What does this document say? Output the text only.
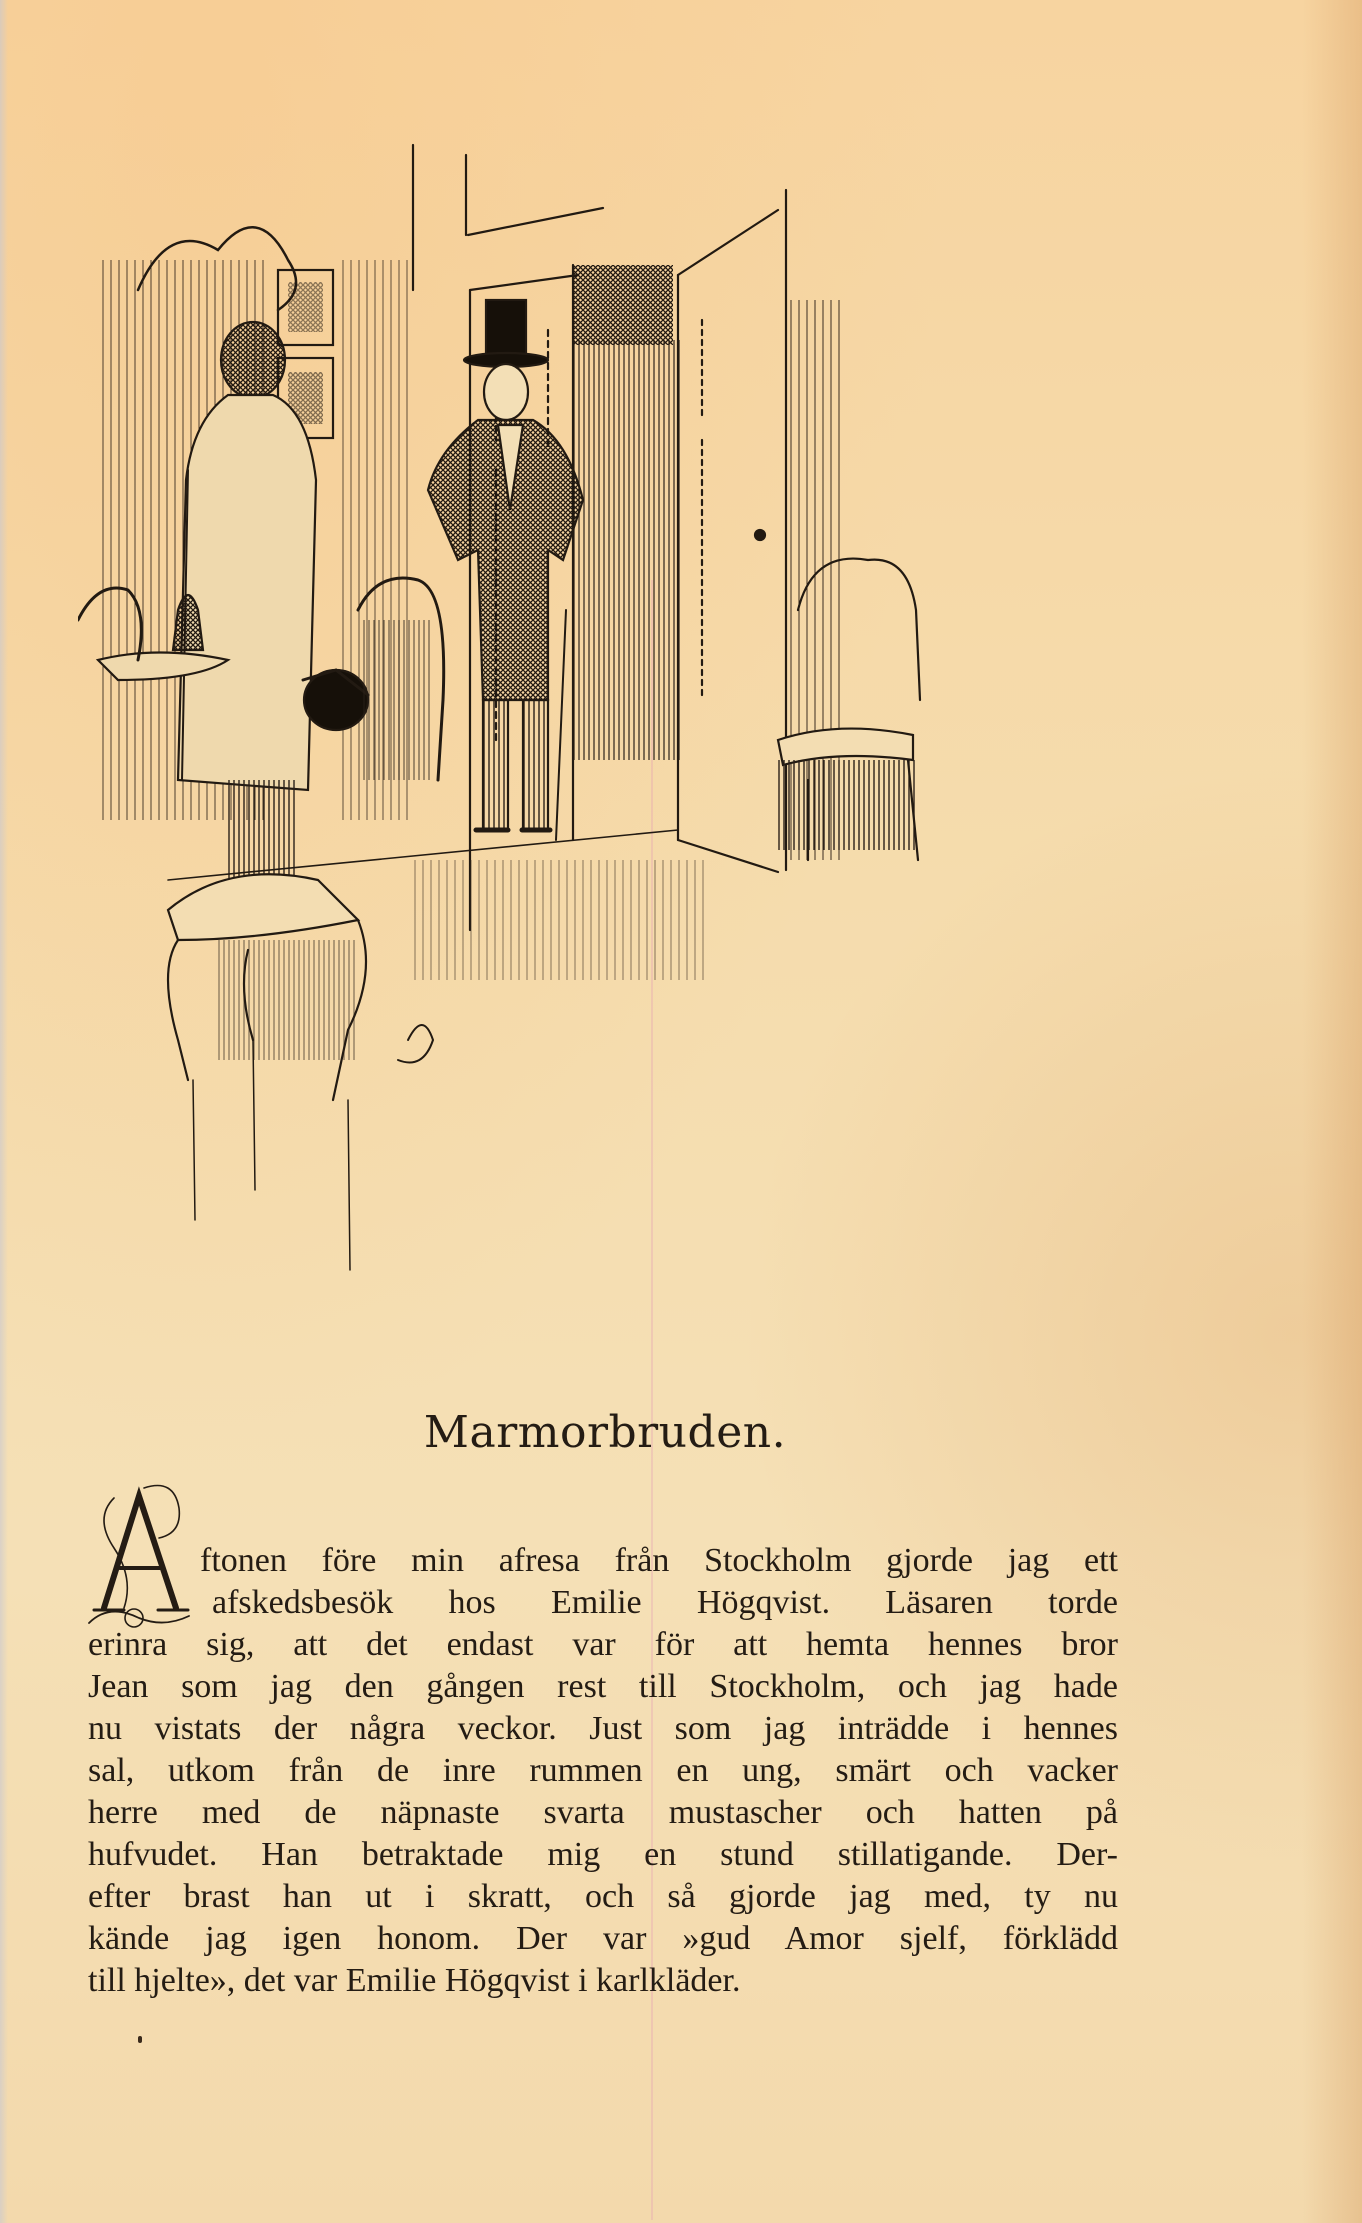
Marmorbruden.
ftonen före min afresa från Stockholm gjorde jag ett
afskedsbesök hos Emilie Högqvist. Läsaren torde
erinra sig, att det endast var för att hemta hennes bror
Jean som jag den gången rest till Stockholm, och jag hade
nu vistats der några veckor. Just som jag inträdde i hennes
sal, utkom från de inre rummen en ung, smärt och vacker
herre med de näpnaste svarta mustascher och hatten på
hufvudet. Han betraktade mig en stund stillatigande. Der-
efter brast han ut i skratt, och så gjorde jag med, ty nu
kände jag igen honom. Der var »gud Amor sjelf, förklädd
till hjelte», det var Emilie Högqvist i karlkläder.
